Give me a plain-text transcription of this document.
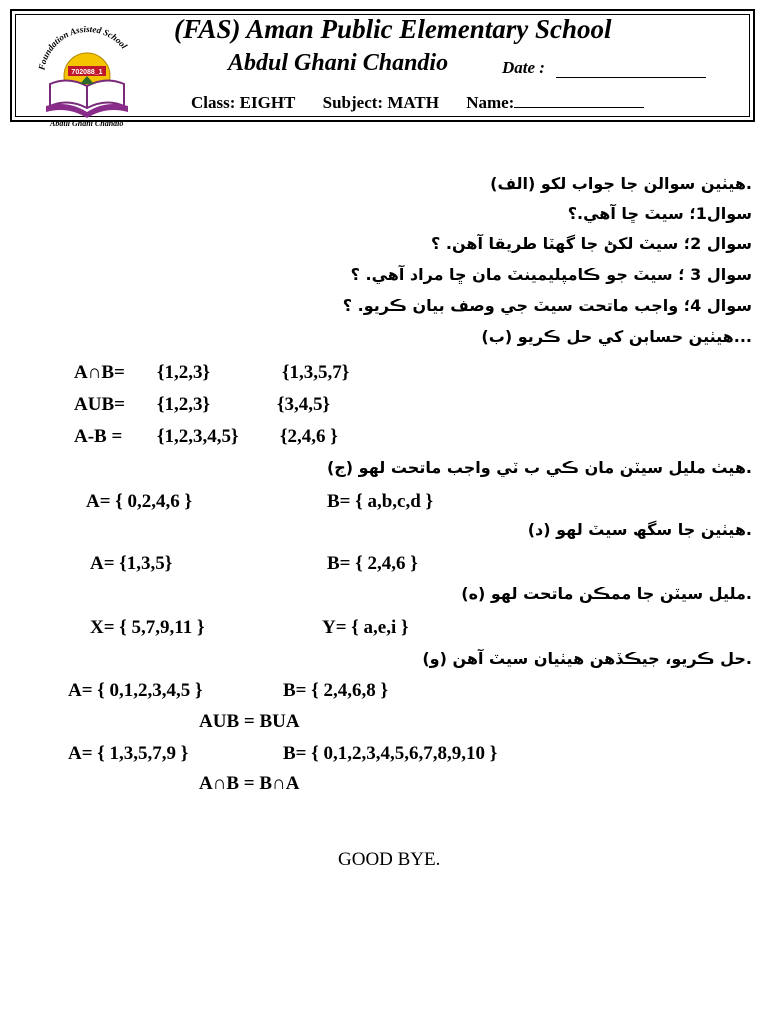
Foundation Assisted School
702088_1
Abdul Ghani Chandio
(FAS) Aman Public Elementary School
Abdul Ghani Chandio	Date :
Class: EIGHT Subject: MATH Name:
.هيٺين سوالن جا جواب لکو (الف)
سوال1؛ سيٽ ڇا آهي.؟
سوال 2؛ سيٽ لکڻ جا گهٽا طريقا آهن. ؟
سوال 3 ؛ سيٽ جو ڪامپليمينٽ مان ڇا مراد آهي. ؟
سوال 4؛ واجب ماتحت سيٽ جي وصف بيان ڪريو. ؟
...هيٺين حسابن کي حل ڪريو (ب)
A∩B= {1,2,3}	{1,3,5,7}
AUB= {1,2,3}	{3,4,5}
A-B = {1,2,3,4,5} {2,4,6 }
.هيٺ مليل سيٽن مان ڪي ب ٽي واجب ماتحت لهو (ج)
A= { 0,2,4,6 }	B= { a,b,c,d }
.هيٺين جا سگھ سيٽ لهو (د)
A= {1,3,5}	B= { 2,4,6 }
.مليل سيٽن جا ممڪن ماتحت لهو (ه)
X= { 5,7,9,11 }	Y= { a,e,i }
.حل ڪريو، جيڪڏهن هيٺيان سيٽ آهن (و)
A= { 0,1,2,3,4,5 }	B= { 2,4,6,8 }
AUB = BUA
A= { 1,3,5,7,9 }	B= { 0,1,2,3,4,5,6,7,8,9,10 }
A∩B = B∩A
GOOD BYE.
